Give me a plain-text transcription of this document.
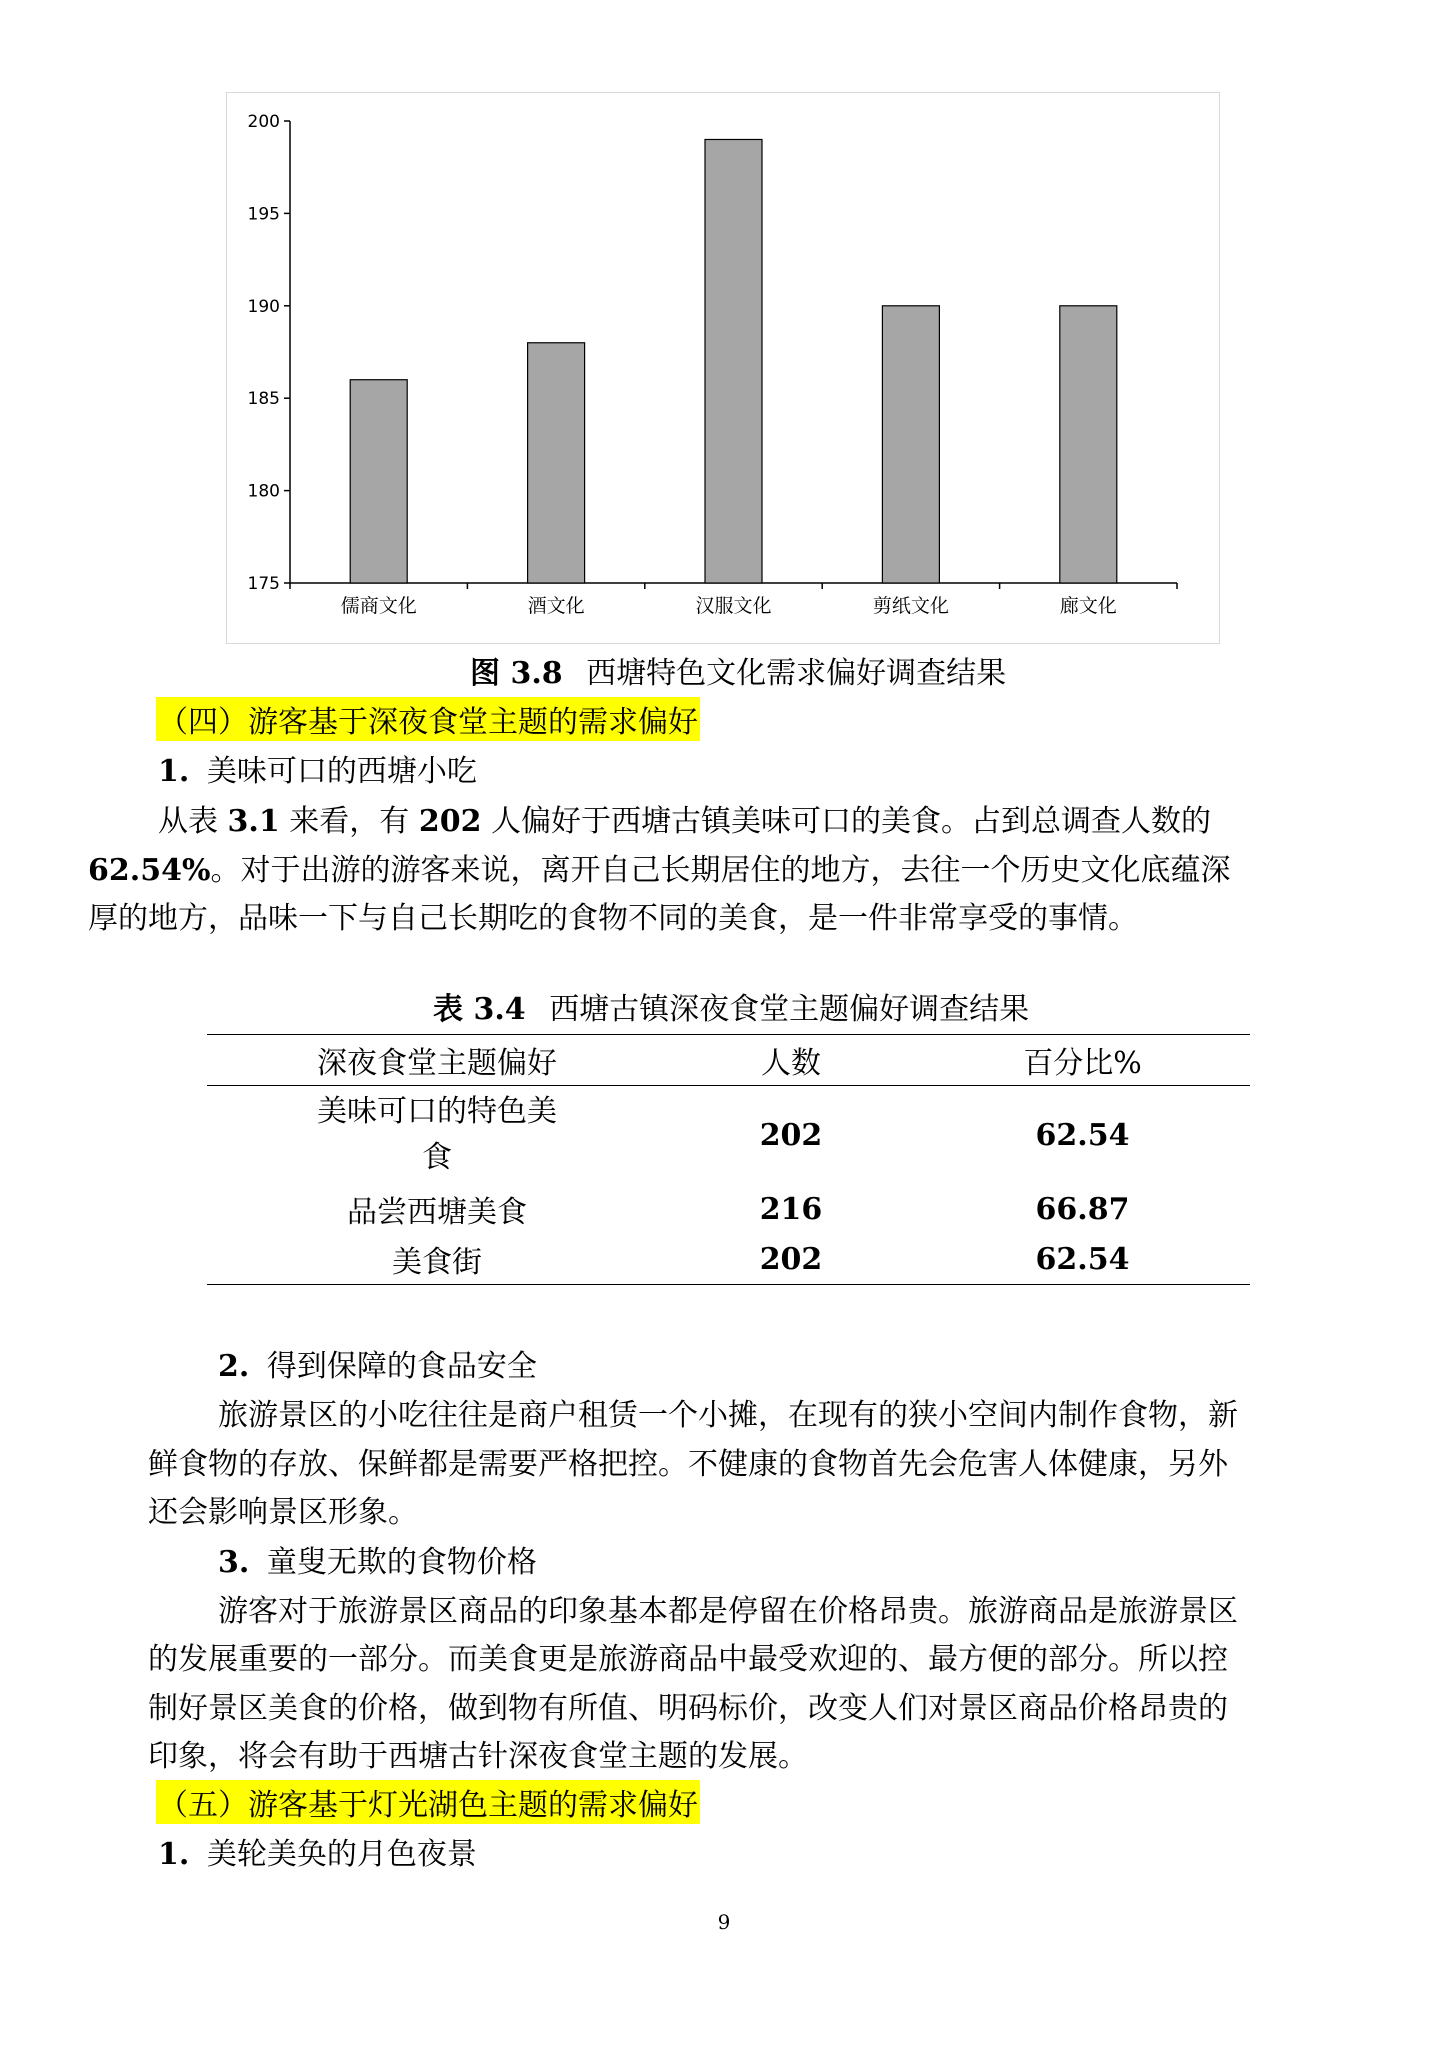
175
180
185
190
195
200
儒商文化	酒文化	汉服文化	剪纸文化	廊文化
图 3.8 西塘特色文化需求偏好调查结果
（四）游客基于深夜食堂主题的需求偏好
1. 美味可口的西塘小吃
从表 3.1 来看，有 202 人偏好于西塘古镇美味可口的美食。占到总调查人数的
62.54%。对于出游的游客来说，离开自己长期居住的地方，去往一个历史文化底蕴深
厚的地方，品味一下与自己长期吃的食物不同的美食，是一件非常享受的事情。
表 3.4 西塘古镇深夜食堂主题偏好调查结果
深夜食堂主题偏好	人数	百分比%

美味可口的特色美
食	202	62.54
品尝西塘美食	216	66.87
美食街	202	62.54
2. 得到保障的食品安全
旅游景区的小吃往往是商户租赁一个小摊，在现有的狭小空间内制作食物，新
鲜食物的存放、保鲜都是需要严格把控。不健康的食物首先会危害人体健康，另外
还会影响景区形象。
3. 童叟无欺的食物价格
游客对于旅游景区商品的印象基本都是停留在价格昂贵。旅游商品是旅游景区
的发展重要的一部分。而美食更是旅游商品中最受欢迎的、最方便的部分。所以控
制好景区美食的价格，做到物有所值、明码标价，改变人们对景区商品价格昂贵的
印象，将会有助于西塘古针深夜食堂主题的发展。
（五）游客基于灯光湖色主题的需求偏好
1. 美轮美奂的月色夜景
9
